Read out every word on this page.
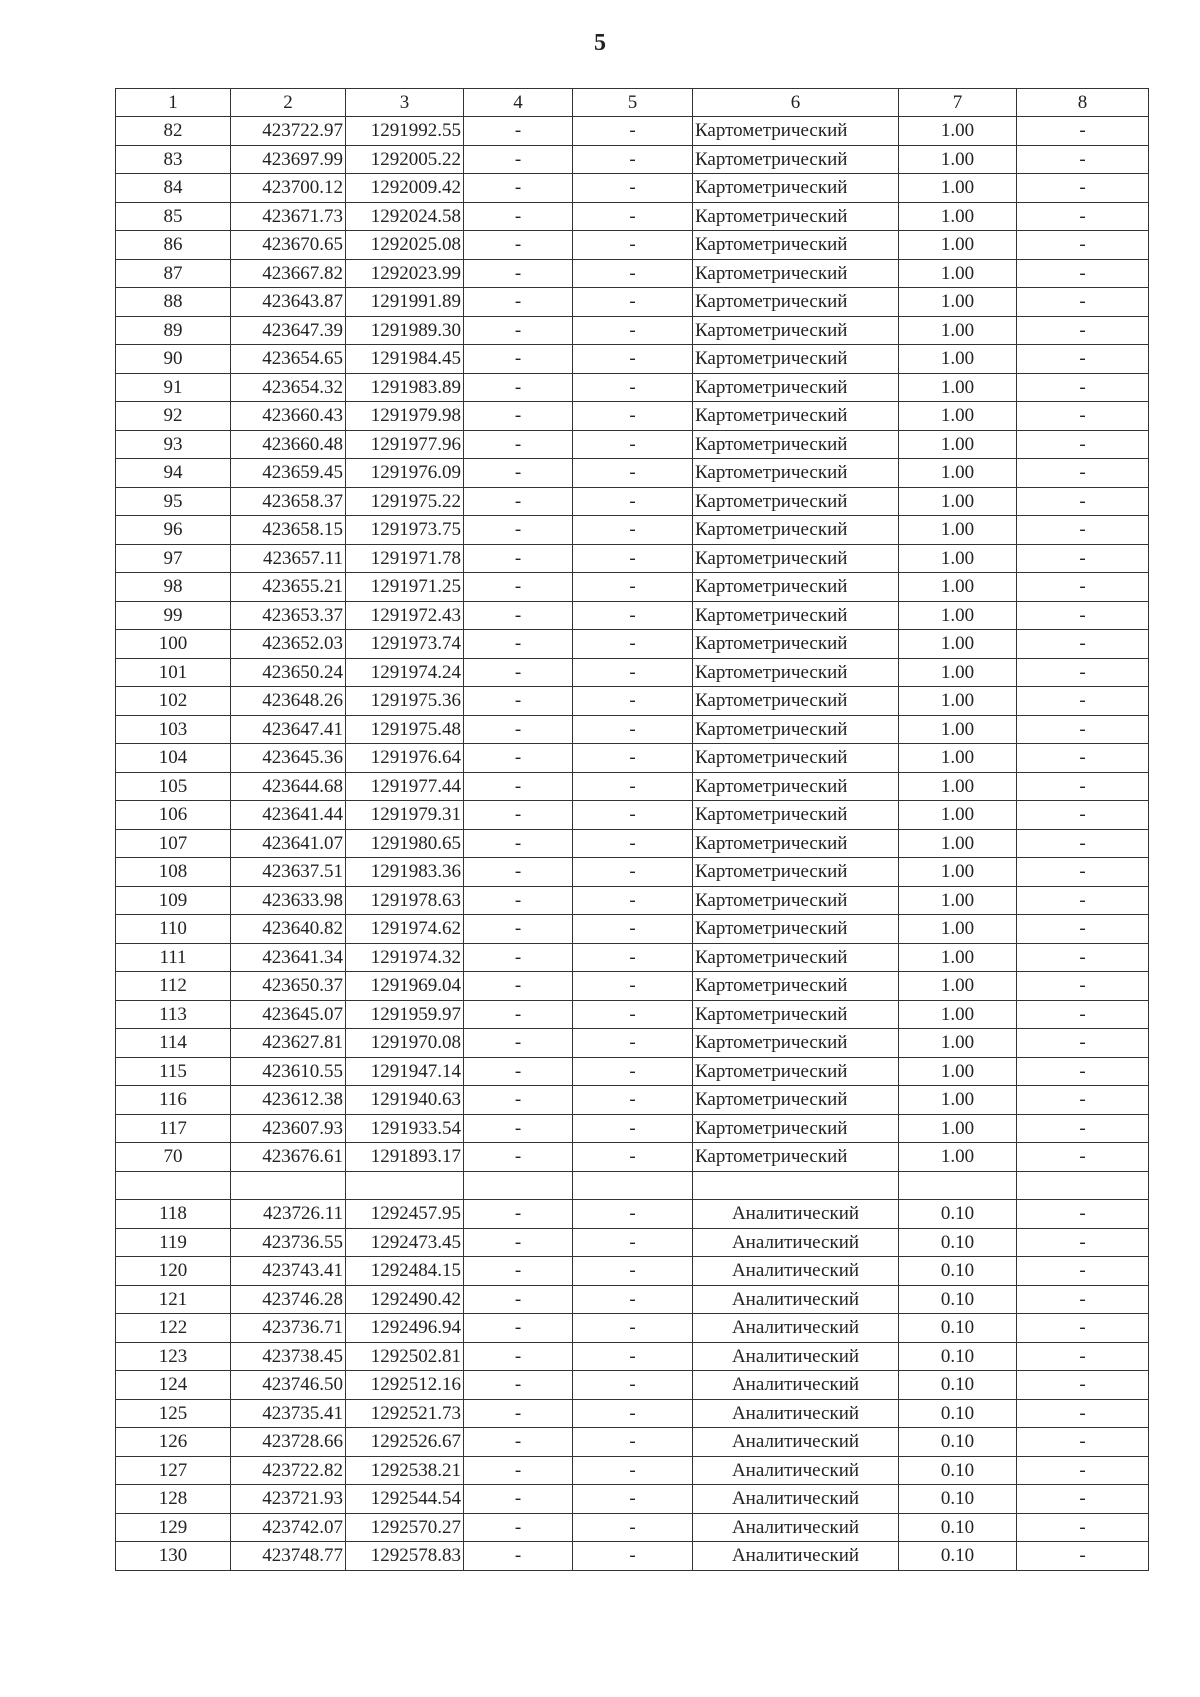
5
1	2	3	4	5	6	7	8
82	423722.97	1291992.55	-	-	Картометрический	1.00	-
83	423697.99	1292005.22	-	-	Картометрический	1.00	-
84	423700.12	1292009.42	-	-	Картометрический	1.00	-
85	423671.73	1292024.58	-	-	Картометрический	1.00	-
86	423670.65	1292025.08	-	-	Картометрический	1.00	-
87	423667.82	1292023.99	-	-	Картометрический	1.00	-
88	423643.87	1291991.89	-	-	Картометрический	1.00	-
89	423647.39	1291989.30	-	-	Картометрический	1.00	-
90	423654.65	1291984.45	-	-	Картометрический	1.00	-
91	423654.32	1291983.89	-	-	Картометрический	1.00	-
92	423660.43	1291979.98	-	-	Картометрический	1.00	-
93	423660.48	1291977.96	-	-	Картометрический	1.00	-
94	423659.45	1291976.09	-	-	Картометрический	1.00	-
95	423658.37	1291975.22	-	-	Картометрический	1.00	-
96	423658.15	1291973.75	-	-	Картометрический	1.00	-
97	423657.11	1291971.78	-	-	Картометрический	1.00	-
98	423655.21	1291971.25	-	-	Картометрический	1.00	-
99	423653.37	1291972.43	-	-	Картометрический	1.00	-
100	423652.03	1291973.74	-	-	Картометрический	1.00	-
101	423650.24	1291974.24	-	-	Картометрический	1.00	-
102	423648.26	1291975.36	-	-	Картометрический	1.00	-
103	423647.41	1291975.48	-	-	Картометрический	1.00	-
104	423645.36	1291976.64	-	-	Картометрический	1.00	-
105	423644.68	1291977.44	-	-	Картометрический	1.00	-
106	423641.44	1291979.31	-	-	Картометрический	1.00	-
107	423641.07	1291980.65	-	-	Картометрический	1.00	-
108	423637.51	1291983.36	-	-	Картометрический	1.00	-
109	423633.98	1291978.63	-	-	Картометрический	1.00	-
110	423640.82	1291974.62	-	-	Картометрический	1.00	-
111	423641.34	1291974.32	-	-	Картометрический	1.00	-
112	423650.37	1291969.04	-	-	Картометрический	1.00	-
113	423645.07	1291959.97	-	-	Картометрический	1.00	-
114	423627.81	1291970.08	-	-	Картометрический	1.00	-
115	423610.55	1291947.14	-	-	Картометрический	1.00	-
116	423612.38	1291940.63	-	-	Картометрический	1.00	-
117	423607.93	1291933.54	-	-	Картометрический	1.00	-
70	423676.61	1291893.17	-	-	Картометрический	1.00	-

118	423726.11	1292457.95	-	-	Аналитический	0.10	-
119	423736.55	1292473.45	-	-	Аналитический	0.10	-
120	423743.41	1292484.15	-	-	Аналитический	0.10	-
121	423746.28	1292490.42	-	-	Аналитический	0.10	-
122	423736.71	1292496.94	-	-	Аналитический	0.10	-
123	423738.45	1292502.81	-	-	Аналитический	0.10	-
124	423746.50	1292512.16	-	-	Аналитический	0.10	-
125	423735.41	1292521.73	-	-	Аналитический	0.10	-
126	423728.66	1292526.67	-	-	Аналитический	0.10	-
127	423722.82	1292538.21	-	-	Аналитический	0.10	-
128	423721.93	1292544.54	-	-	Аналитический	0.10	-
129	423742.07	1292570.27	-	-	Аналитический	0.10	-
130	423748.77	1292578.83	-	-	Аналитический	0.10	-
